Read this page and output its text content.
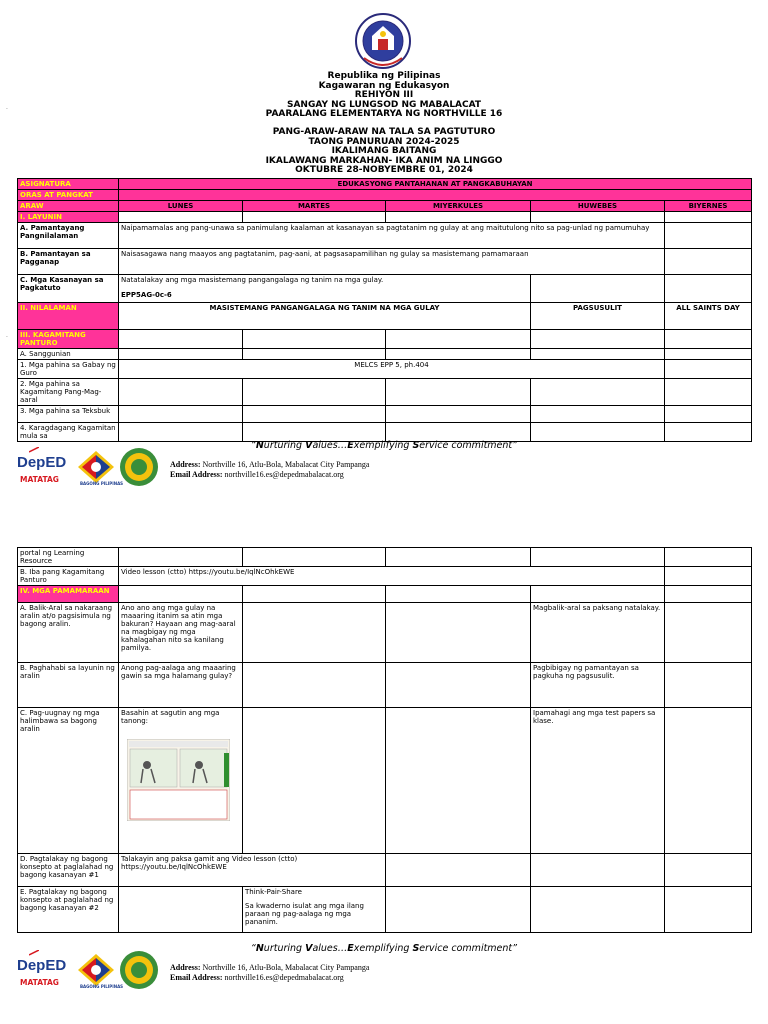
Republika ng Pilipinas
Kagawaran ng Edukasyon
REHIYON III
SANGAY NG LUNGSOD NG MABALACAT
PAARALANG ELEMENTARYA NG NORTHVILLE 16
PANG-ARAW-ARAW NA TALA SA PAGTUTURO
TAONG PANURUAN 2024-2025
IKALIMANG BAITANG
IKALAWANG MARKAHAN- IKA ANIM NA LINGGO
OKTUBRE 28-NOBYEMBRE 01, 2024
·
·
ASIGNATURA	EDUKASYONG PANTAHANAN AT PANGKABUHAYAN				
ORAS AT PANGKAT					
ARAW	LUNES	MARTES	MIYERKULES	HUWEBES	BIYERNES
I. LAYUNIN					
A. Pamantayang Pangnilalaman	Naipamamalas ang pang-unawa sa panimulang kaalaman at kasanayan sa pagtatanim ng gulay at ang maitutulong nito sa pag-unlad ng pamumuhay				
B. Pamantayan sa Pagganap	Naisasagawa nang maayos ang pagtatanim, pag-aani, at pagsasapamilihan ng gulay sa masistemang pamamaraan				
C. Mga Kasanayan sa Pagkatuto	Natatalakay ang mga masistemang pangangalaga ng tanim na mga gulay.
EPP5AG-0c-6				

II. NILALAMAN	MASISTEMANG PANGANGALAGA NG TANIM NA MGA GULAY			PAGSUSULIT	ALL SAINTS DAY
III. KAGAMITANG PANTURO					
A. Sanggunian					
1. Mga pahina sa Gabay ng Guro	MELCS EPP 5, ph.404				
2. Mga pahina sa Kagamitang Pang-Mag-aaral					
3. Mga pahina sa Teksbuk					
4. Karagdagang Kagamitan mula sa					
“Nurturing Values…Exemplifying Service commitment”
DepED
MATATAG	BAGONG PILIPINAS
Address: Northville 16, Atlu-Bola, Mabalacat City Pampanga
Email Address: northville16.es@depedmabalacat.org
portal ng Learning Resource					
B. Iba pang Kagamitang Panturo	Video lesson (ctto) https://youtu.be/IqlNcOhkEWE				
IV. MGA PAMAMARAAN					
A. Balik-Aral sa nakaraang aralin at/o pagsisimula ng bagong aralin.	Ano ano ang mga gulay na maaaring itanim sa atin mga bakuran? Hayaan ang mag-aaral na magbigay ng mga kahalagahan nito sa kanilang pamilya.			Magbalik-aral sa paksang natalakay.	
B. Paghahabi sa layunin ng aralin	Anong pag-aalaga ang maaaring gawin sa mga halamang gulay?			Pagbibigay ng pamantayan sa pagkuha ng pagsusulit.	
C. Pag-uugnay ng mga halimbawa sa bagong aralin	Basahin at sagutin ang mga tanong:			Ipamahagi ang mga test papers sa klase.	
D. Pagtalakay ng bagong konsepto at paglalahad ng bagong kasanayan #1	Talakayin ang paksa gamit ang Video lesson (ctto) https://youtu.be/IqlNcOhkEWE				
E. Pagtalakay ng bagong konsepto at paglalahad ng bagong kasanayan #2		Think-Pair-Share
Sa kwaderno isulat ang mga ilang paraan ng pag-aalaga ng mga pananim.			

“Nurturing Values…Exemplifying Service commitment”
DepED
MATATAG	BAGONG PILIPINAS
Address: Northville 16, Atlu-Bola, Mabalacat City Pampanga
Email Address: northville16.es@depedmabalacat.org
